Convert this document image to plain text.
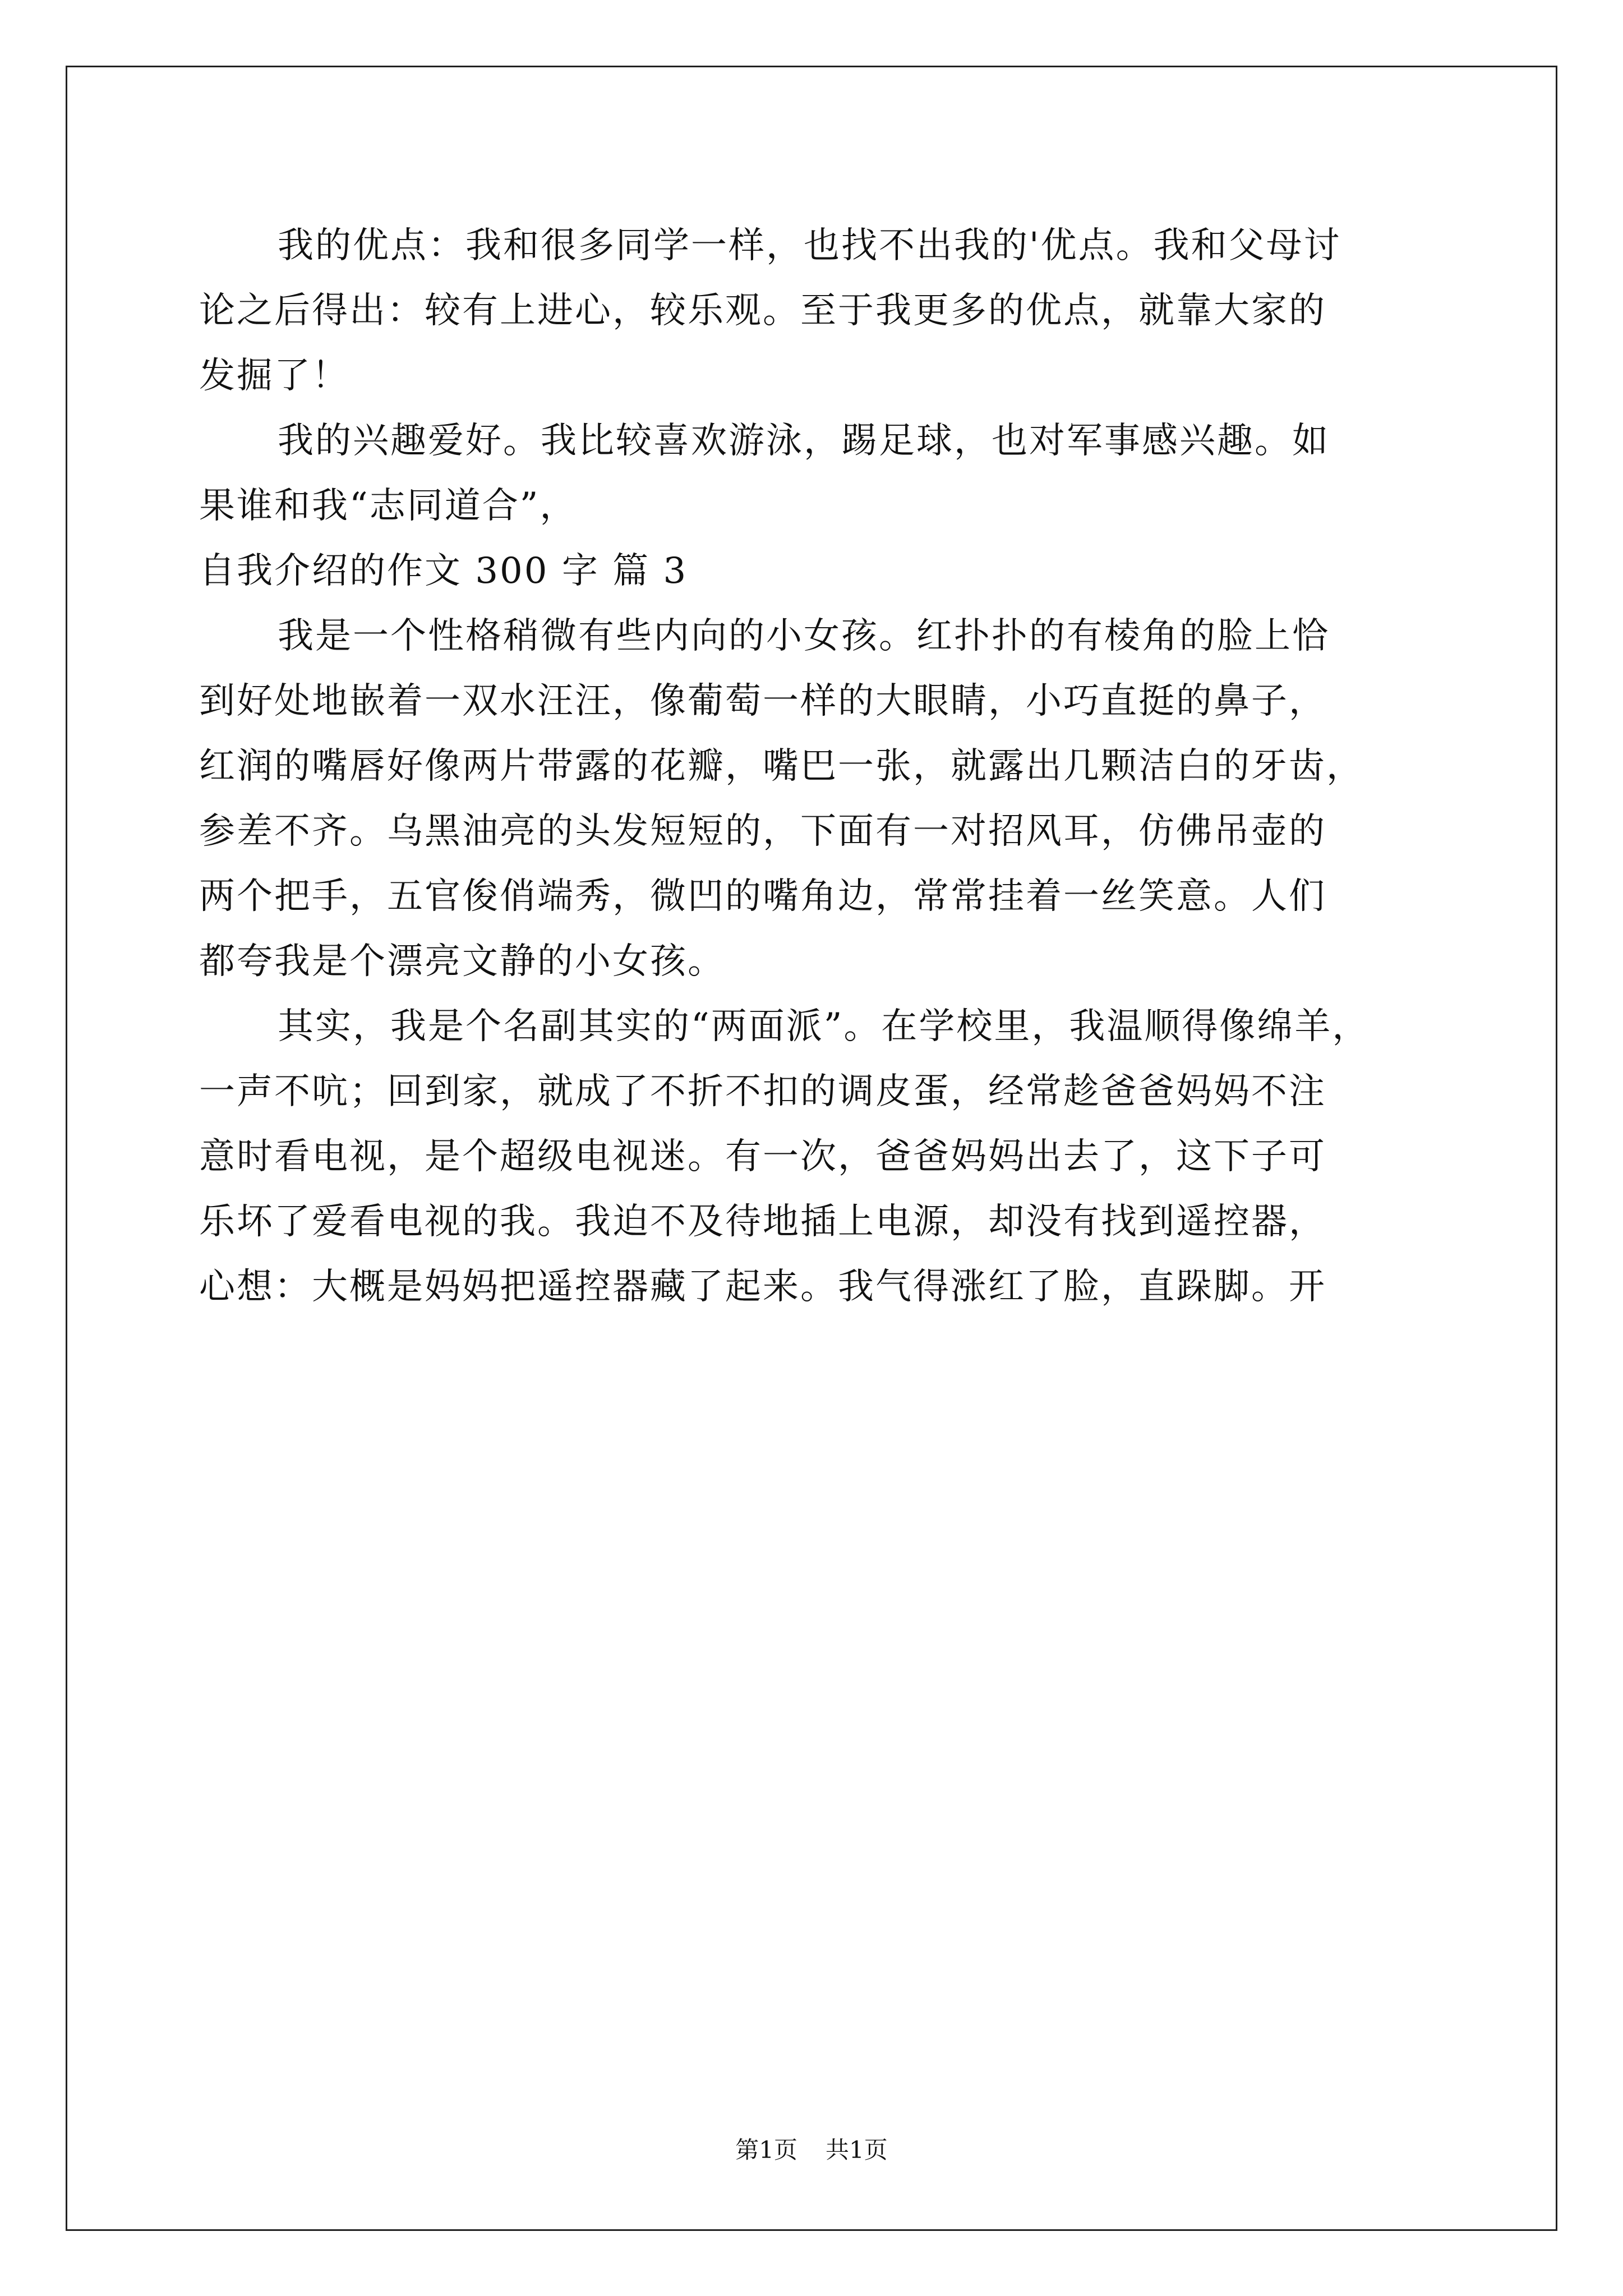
我的优点：我和很多同学一样，也找不出我的'优点。我和父母讨
论之后得出：较有上进心，较乐观。至于我更多的优点，就靠大家的
发掘了！
我的兴趣爱好。我比较喜欢游泳，踢足球，也对军事感兴趣。如
果谁和我“志同道合”，
自我介绍的作文 300 字 篇 3
我是一个性格稍微有些内向的小女孩。红扑扑的有棱角的脸上恰
到好处地嵌着一双水汪汪，像葡萄一样的大眼睛，小巧直挺的鼻子，
红润的嘴唇好像两片带露的花瓣，嘴巴一张，就露出几颗洁白的牙齿，
参差不齐。乌黑油亮的头发短短的，下面有一对招风耳，仿佛吊壶的
两个把手，五官俊俏端秀，微凹的嘴角边，常常挂着一丝笑意。人们
都夸我是个漂亮文静的小女孩。
其实，我是个名副其实的“两面派”。在学校里，我温顺得像绵羊，
一声不吭；回到家，就成了不折不扣的调皮蛋，经常趁爸爸妈妈不注
意时看电视，是个超级电视迷。有一次，爸爸妈妈出去了，这下子可
乐坏了爱看电视的我。我迫不及待地插上电源，却没有找到遥控器，
心想：大概是妈妈把遥控器藏了起来。我气得涨红了脸，直跺脚。开
第1页 共1页
